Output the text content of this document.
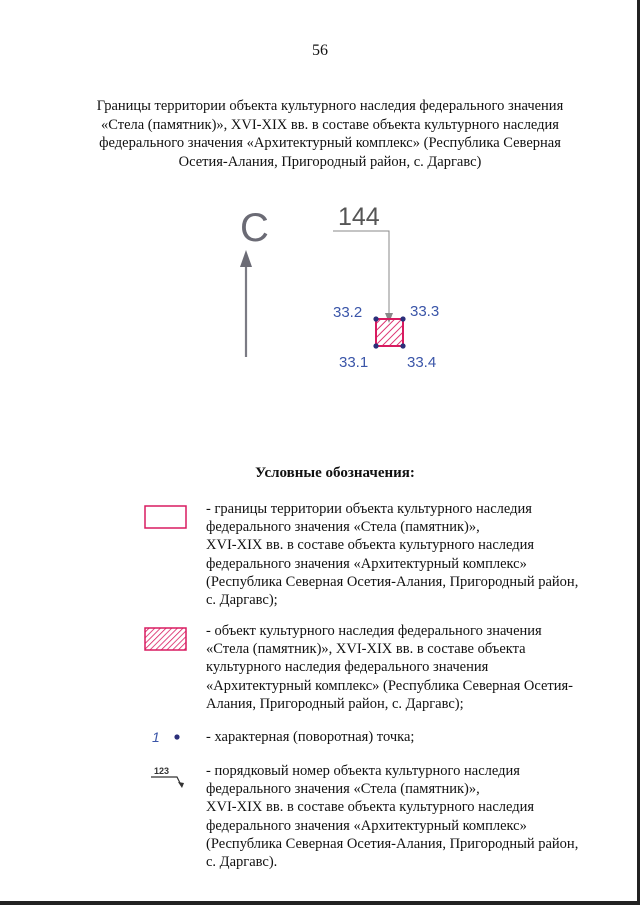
56
Границы территории объекта культурного наследия федерального значения
«Стела (памятник)», XVI-XIX вв. в составе объекта культурного наследия
федерального значения «Архитектурный комплекс» (Республика Северная
Осетия-Алания, Пригородный район, с. Даргавс)
С	144
33.1
33.2	33.3
33.4
Условные обозначения:
1
123
- границы территории объекта культурного наследия
федерального значения «Стела (памятник)»,
XVI-XIX вв. в составе объекта культурного наследия
федерального значения «Архитектурный комплекс»
(Республика Северная Осетия-Алания, Пригородный район,
с. Даргавс);
- объект культурного наследия федерального значения
«Стела (памятник)», XVI-XIX вв. в составе объекта
культурного наследия федерального значения
«Архитектурный комплекс» (Республика Северная Осетия-
Алания, Пригородный район, с. Даргавс);
- характерная (поворотная) точка;
- порядковый номер объекта культурного наследия
федерального значения «Стела (памятник)»,
XVI-XIX вв. в составе объекта культурного наследия
федерального значения «Архитектурный комплекс»
(Республика Северная Осетия-Алания, Пригородный район,
с. Даргавс).
